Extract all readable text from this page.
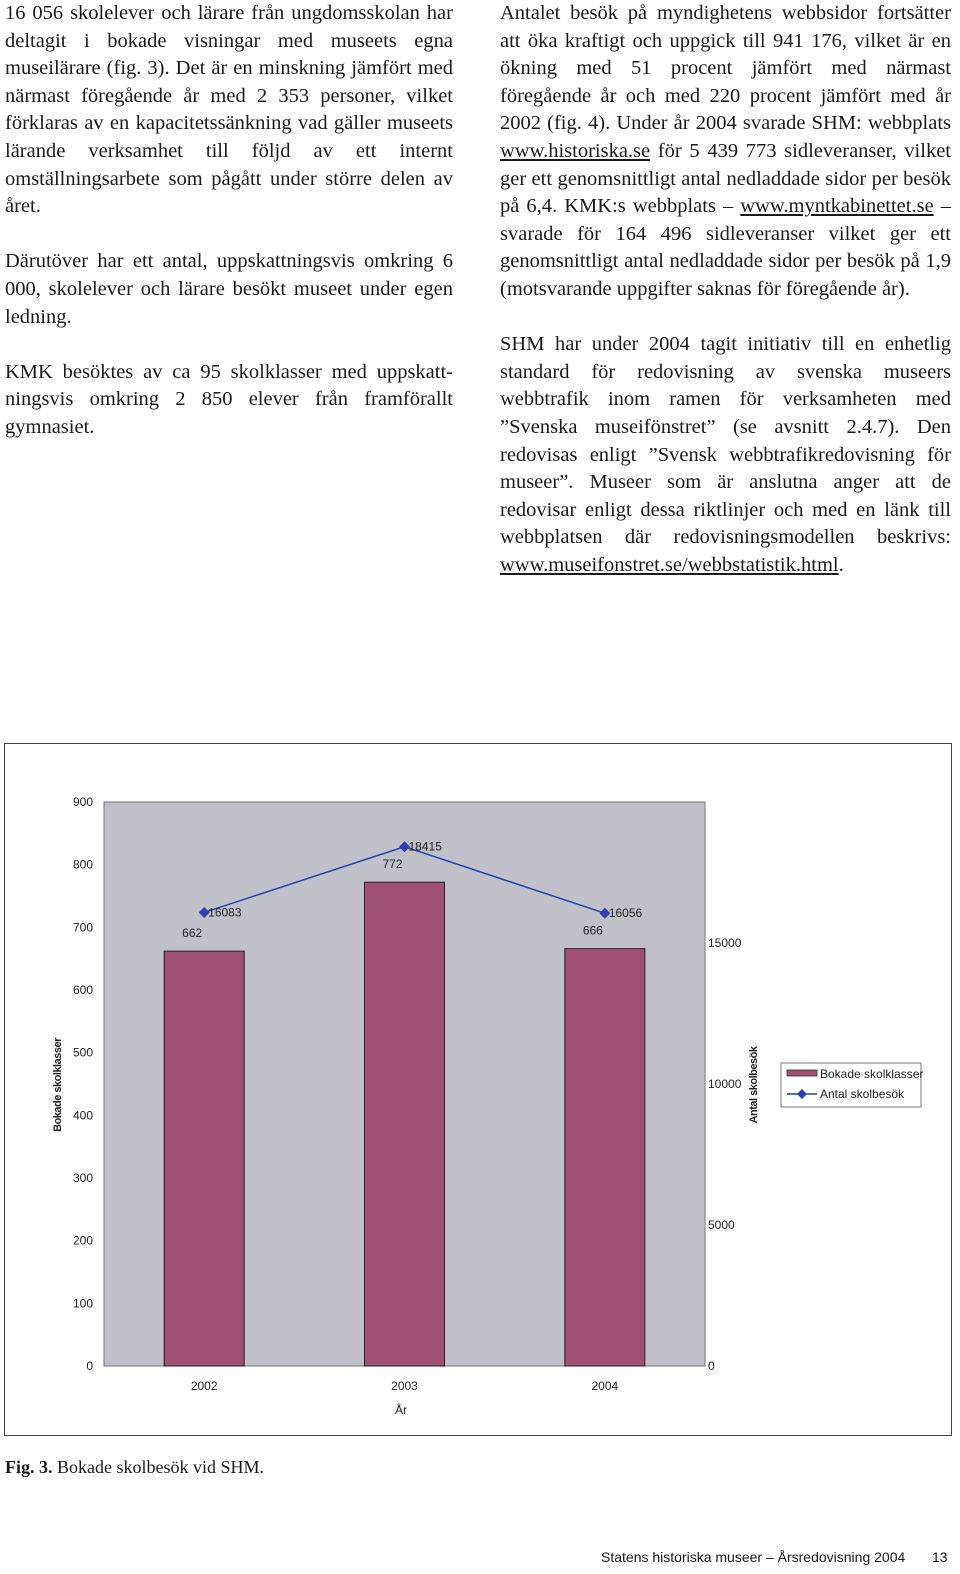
16 056 skolelever och lärare från ungdomsskolan har deltagit i bokade visningar med museets egna museilärare (fig. 3). Det är en minskning jämfört med närmast föregående år med 2 353 personer, vilket förklaras av en kapacitetssänkning vad gäller museets lärande verksamhet till följd av ett internt omställningsarbete som pågått under större delen av året.

Därutöver har ett antal, uppskattningsvis omkring 6 000, skolelever och lärare besökt museet under egen ledning.

KMK besöktes av ca 95 skolklasser med uppskattningsvis omkring 2 850 elever från framförallt gymnasiet.

Antalet besök på myndighetens webbsidor fortsätter att öka kraftigt och uppgick till 941 176, vilket är en ökning med 51 procent jämfört med närmast föregående år och med 220 procent jämfört med år 2002 (fig. 4). Under år 2004 svarade SHM: webbplats www.historiska.se för 5 439 773 sidleveranser, vilket ger ett genomsnittligt antal nedladdade sidor per besök på 6,4. KMK:s webbplats – www.myntkabinettet.se – svarade för 164 496 sidleveranser vilket ger ett genomsnittligt antal nedladdade sidor per besök på 1,9 (motsvarande uppgifter saknas för föregående år).

SHM har under 2004 tagit initiativ till en enhetlig standard för redovisning av svenska museers webbtrafik inom ramen för verksamheten med ”Svenska museifönstret” (se avsnitt 2.4.7). Den redovisas enligt ”Svensk webbtrafikredovisning för museer”. Museer som är anslutna anger att de redovisar enligt dessa riktlinjer och med en länk till webbplatsen där redovisningsmodellen beskrivs: www.museifonstret.se/webbstatistik.html.

0
100
200
300
400
500
600
700
800
900
0
5000
10000
15000
662
772
666
16083
18415
16056
2002	2003	2004
År
Bokade skolklasser	Antal skolbesök	Bokade skolklasser
Antal skolbesök
Fig. 3. Bokade skolbesök vid SHM.
Statens historiska museer – Årsredovisning 2004 13
